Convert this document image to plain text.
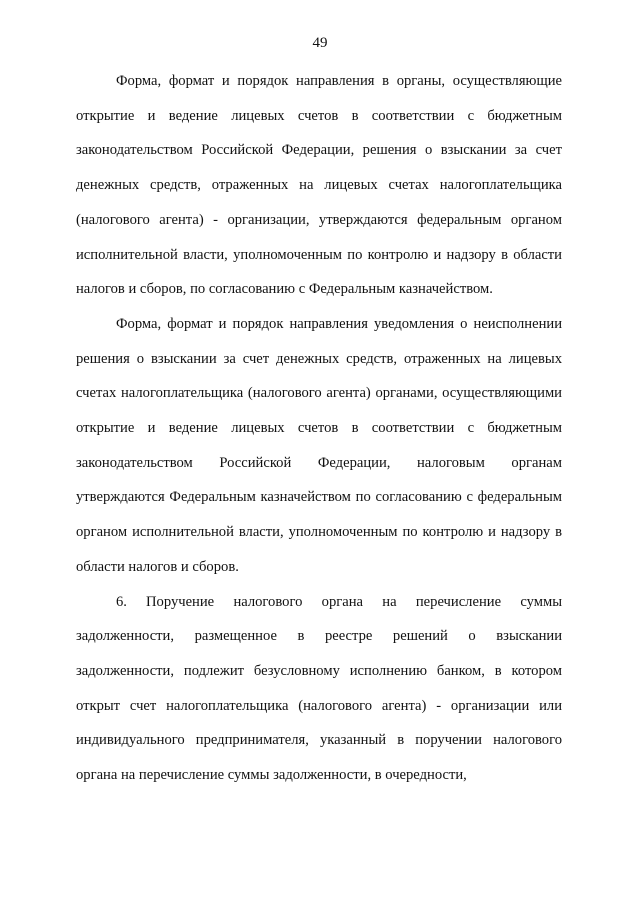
49

Форма, формат и порядок направления в органы, осуществляющие открытие и ведение лицевых счетов в соответствии с бюджетным законодательством Российской Федерации, решения о взыскании за счет денежных средств, отраженных на лицевых счетах налогоплательщика (налогового агента) - организации, утверждаются федеральным органом исполнительной власти, уполномоченным по контролю и надзору в области налогов и сборов, по согласованию с Федеральным казначейством.

Форма, формат и порядок направления уведомления о неисполнении решения о взыскании за счет денежных средств, отраженных на лицевых счетах налогоплательщика (налогового агента) органами, осуществляющими открытие и ведение лицевых счетов в соответствии с бюджетным законодательством Российской Федерации, налоговым органам утверждаются Федеральным казначейством по согласованию с федеральным органом исполнительной власти, уполномоченным по контролю и надзору в области налогов и сборов.

6. Поручение налогового органа на перечисление суммы задолженности, размещенное в реестре решений о взыскании задолженности, подлежит безусловному исполнению банком, в котором открыт счет налогоплательщика (налогового агента) - организации или индивидуального предпринимателя, указанный в поручении налогового органа на перечисление суммы задолженности, в очередности,
